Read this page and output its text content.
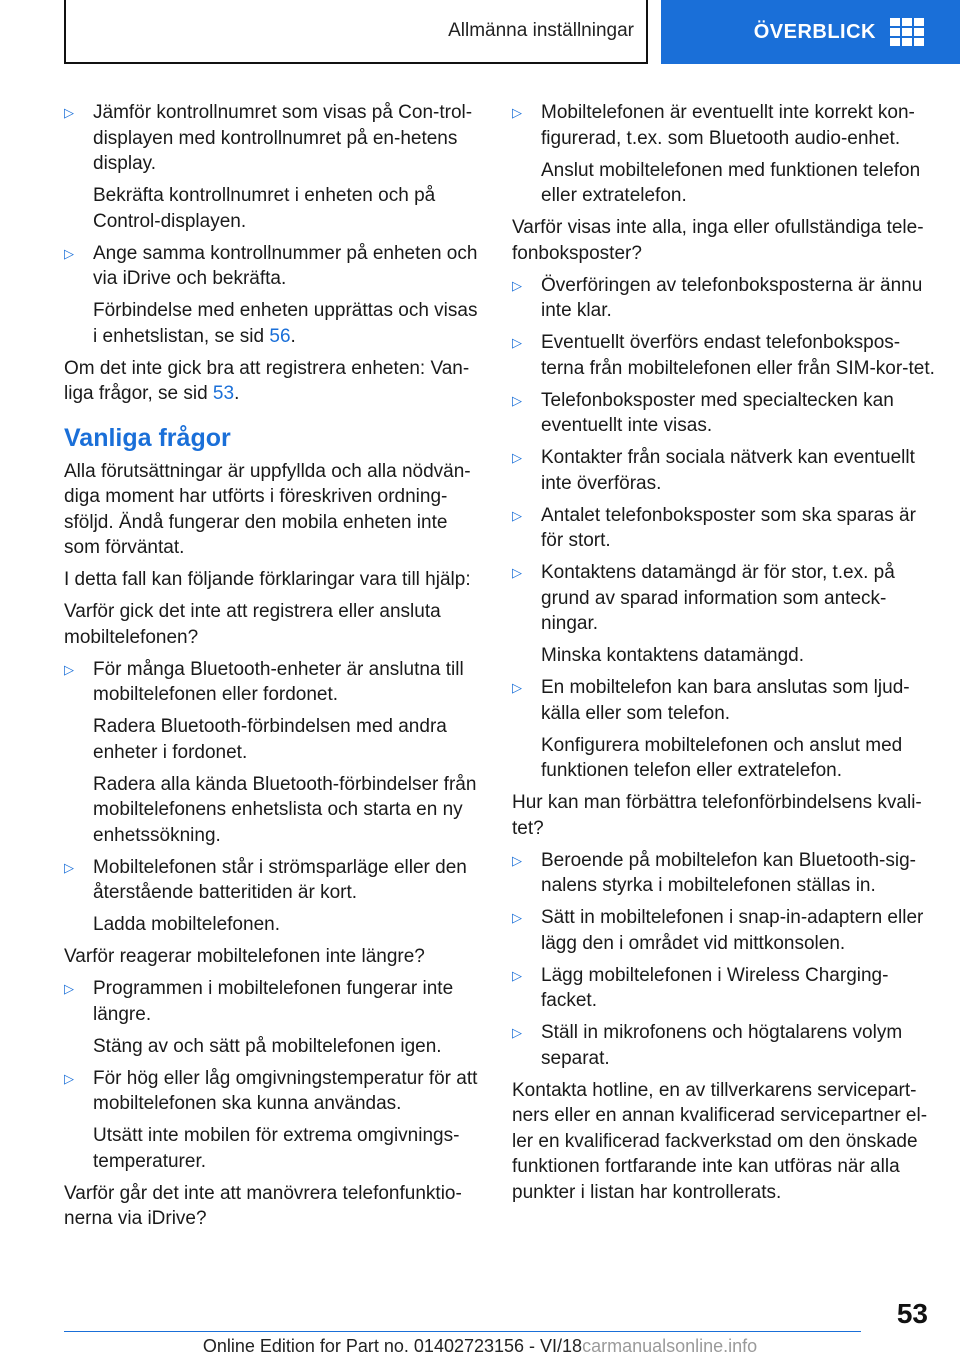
Allmänna inställningar	ÖVERBLICK
▷	Jämför kontrollnumret som visas på Con-trol-displayen med kontrollnumret på en-hetens display.
Bekräfta kontrollnumret i enheten och på Control-displayen.
▷	Ange samma kontrollnummer på enheten och via iDrive och bekräfta.
Förbindelse med enheten upprättas och visas i enhetslistan, se sid 56.
Om det inte gick bra att registrera enheten: Van-liga frågor, se sid 53.
Vanliga frågor
Alla förutsättningar är uppfyllda och alla nödvän-diga moment har utförts i föreskriven ordning-sföljd. Ändå fungerar den mobila enheten inte som förväntat.
I detta fall kan följande förklaringar vara till hjälp:
Varför gick det inte att registrera eller ansluta mobiltelefonen?
▷	För många Bluetooth-enheter är anslutna till mobiltelefonen eller fordonet.
Radera Bluetooth-förbindelsen med andra enheter i fordonet.
Radera alla kända Bluetooth-förbindelser från mobiltelefonens enhetslista och starta en ny enhetssökning.
▷	Mobiltelefonen står i strömsparläge eller den återstående batteritiden är kort.
Ladda mobiltelefonen.
Varför reagerar mobiltelefonen inte längre?
▷	Programmen i mobiltelefonen fungerar inte längre.
Stäng av och sätt på mobiltelefonen igen.
▷	För hög eller låg omgivningstemperatur för att mobiltelefonen ska kunna användas.
Utsätt inte mobilen för extrema omgivnings-temperaturer.
Varför går det inte att manövrera telefonfunktio-nerna via iDrive?
▷	Mobiltelefonen är eventuellt inte korrekt kon-figurerad, t.ex. som Bluetooth audio-enhet.
Anslut mobiltelefonen med funktionen telefon eller extratelefon.
Varför visas inte alla, inga eller ofullständiga tele-fonboksposter?
▷	Överföringen av telefonboksposterna är ännu inte klar.
▷	Eventuellt överförs endast telefonbokspos-terna från mobiltelefonen eller från SIM-kor-tet.
▷	Telefonboksposter med specialtecken kan eventuellt inte visas.
▷	Kontakter från sociala nätverk kan eventuellt inte överföras.
▷	Antalet telefonboksposter som ska sparas är för stort.
▷	Kontaktens datamängd är för stor, t.ex. på grund av sparad information som anteck-ningar.
Minska kontaktens datamängd.
▷	En mobiltelefon kan bara anslutas som ljud-källa eller som telefon.
Konfigurera mobiltelefonen och anslut med funktionen telefon eller extratelefon.
Hur kan man förbättra telefonförbindelsens kvali-tet?
▷	Beroende på mobiltelefon kan Bluetooth-sig-nalens styrka i mobiltelefonen ställas in.
▷	Sätt in mobiltelefonen i snap-in-adaptern eller lägg den i området vid mittkonsolen.
▷	Lägg mobiltelefonen i Wireless Charging-facket.
▷	Ställ in mikrofonens och högtalarens volym separat.
Kontakta hotline, en av tillverkarens servicepart-ners eller en annan kvalificerad servicepartner el-ler en kvalificerad fackverkstad om den önskade funktionen fortfarande inte kan utföras när alla punkter i listan har kontrollerats.
53
Online Edition for Part no. 01402723156 - VI/18carmanualsonline.info
